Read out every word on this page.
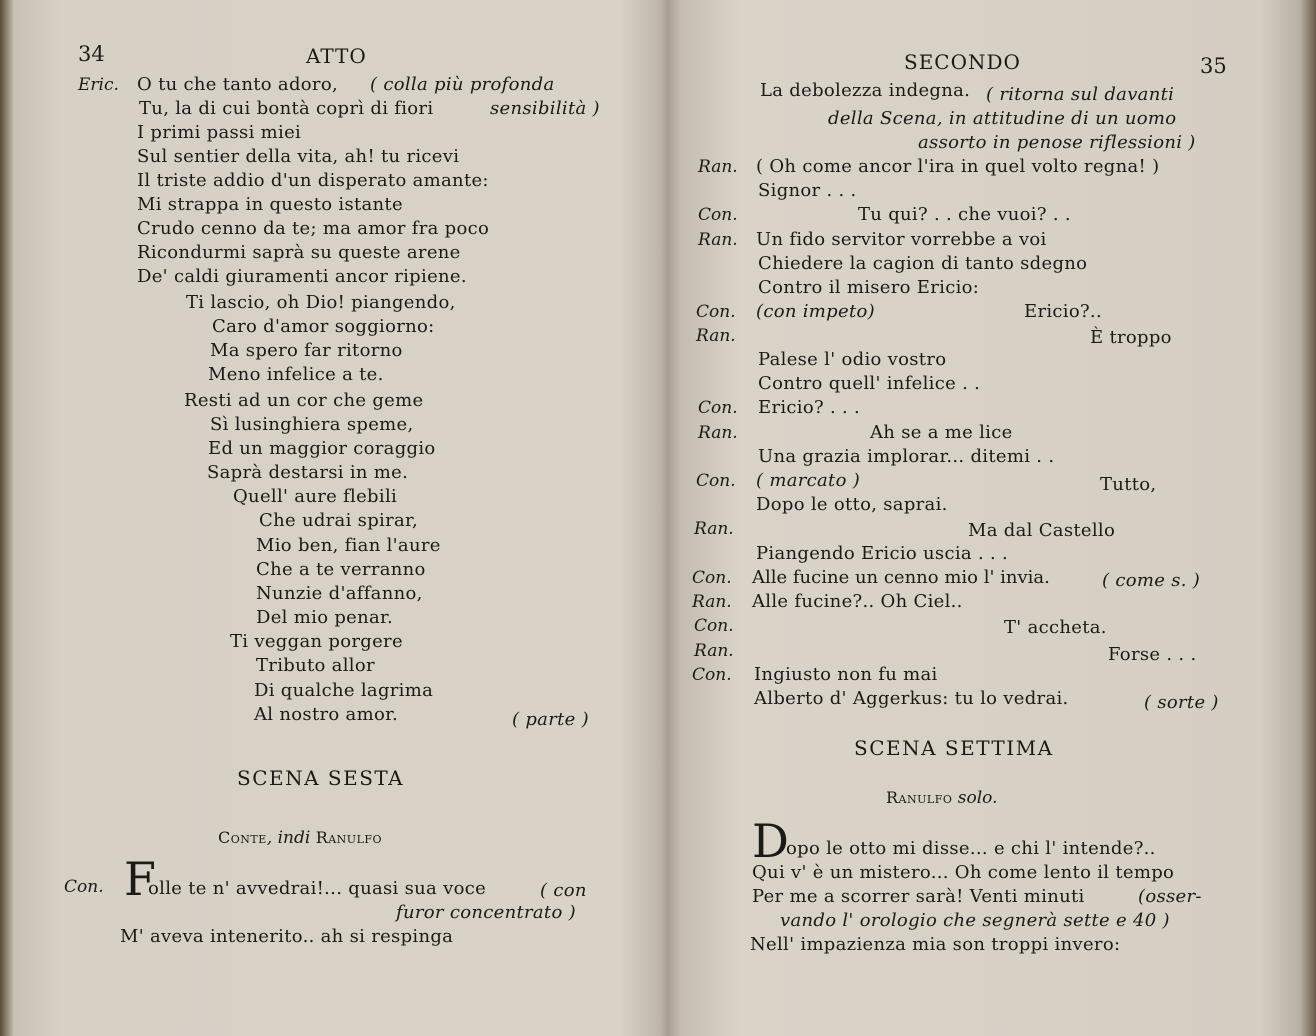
34	ATTO
Eric. O tu che tanto adoro, ( colla più profonda
Tu, la di cui bontà coprì di fiori	sensibilità )
I primi passi miei
Sul sentier della vita, ah! tu ricevi
Il triste addio d'un disperato amante:
Mi strappa in questo istante
Crudo cenno da te; ma amor fra poco
Ricondurmi saprà su queste arene
De' caldi giuramenti ancor ripiene.
Ti lascio, oh Dio! piangendo,
Caro d'amor soggiorno:
Ma spero far ritorno
Meno infelice a te.
Resti ad un cor che geme
Sì lusinghiera speme,
Ed un maggior coraggio
Saprà destarsi in me.
Quell' aure flebili
Che udrai spirar,
Mio ben, fian l'aure
Che a te verranno
Nunzie d'affanno,
Del mio penar.
Ti veggan porgere
Tributo allor
Di qualche lagrima
Al nostro amor.	( parte )
SCENA SESTA
Conte, indi Ranulfo
Con. F
olle te n' avvedrai!... quasi sua voce	( con
furor concentrato )
M' aveva intenerito.. ah si respinga
SECONDO	35
La debolezza indegna. ( ritorna sul davanti
della Scena, in attitudine di un uomo
assorto in penose riflessioni )
Ran. ( Oh come ancor l'ira in quel volto regna! )
Signor . . .
Con.	Tu qui? . . che vuoi? . .
Ran. Un fido servitor vorrebbe a voi
Chiedere la cagion di tanto sdegno
Contro il misero Ericio:
Con. (con impeto)	Ericio?..
Ran.	È troppo
Palese l' odio vostro
Contro quell' infelice . .
Con. Ericio? . . .
Ran.	Ah se a me lice
Una grazia implorar... ditemi . .
Con. ( marcato )	Tutto,
Dopo le otto, saprai.
Ran.	Ma dal Castello
Piangendo Ericio uscia . . .
Con. Alle fucine un cenno mio l' invia.	( come s. )
Ran. Alle fucine?.. Oh Ciel..
Con.	T' accheta.
Ran.	Forse . . .
Con. Ingiusto non fu mai
Alberto d' Aggerkus: tu lo vedrai.	( sorte )
SCENA SETTIMA
Ranulfo solo.
D
opo le otto mi disse... e chi l' intende?..
Qui v' è un mistero... Oh come lento il tempo
Per me a scorrer sarà! Venti minuti	(osser-
vando l' orologio che segnerà sette e 40 )
Nell' impazienza mia son troppi invero:
